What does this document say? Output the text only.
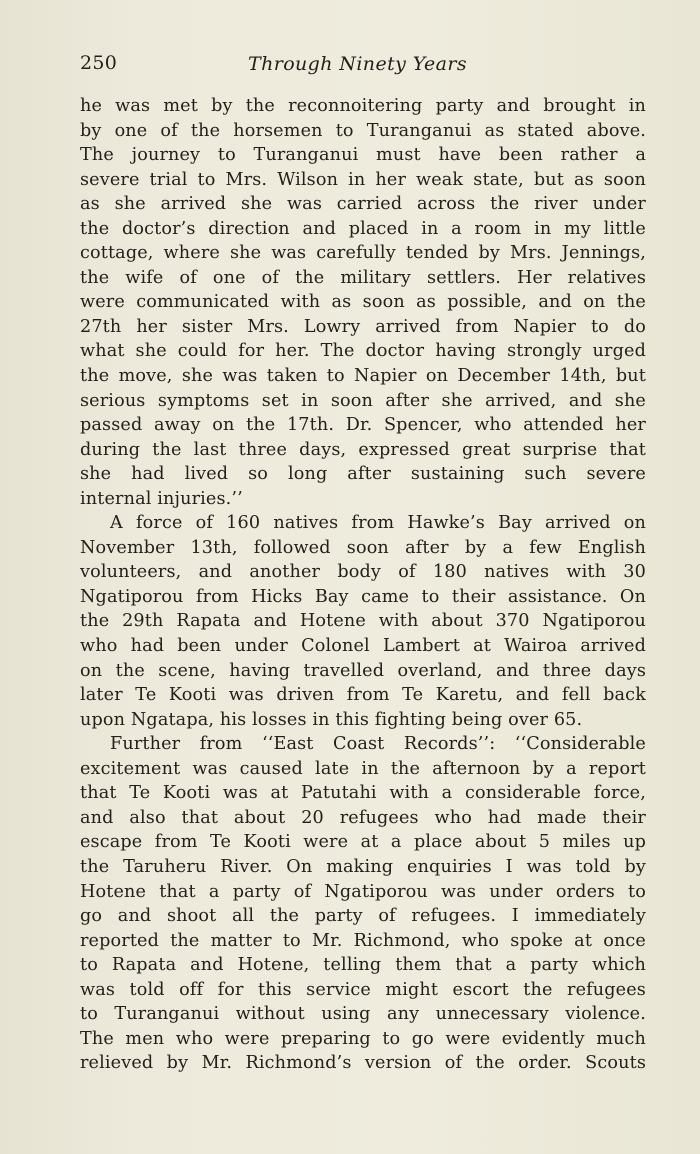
250	Through Ninety Years
he was met by the reconnoitering party and brought in
by one of the horsemen to Turanganui as stated above.
The journey to Turanganui must have been rather a
severe trial to Mrs. Wilson in her weak state, but as soon
as she arrived she was carried across the river under
the doctor’s direction and placed in a room in my little
cottage, where she was carefully tended by Mrs. Jennings,
the wife of one of the military settlers. Her relatives
were communicated with as soon as possible, and on the
27th her sister Mrs. Lowry arrived from Napier to do
what she could for her. The doctor having strongly urged
the move, she was taken to Napier on December 14th, but
serious symptoms set in soon after she arrived, and she
passed away on the 17th. Dr. Spencer, who attended her
during the last three days, expressed great surprise that
she had lived so long after sustaining such severe
internal injuries.’’
A force of 160 natives from Hawke’s Bay arrived on
November 13th, followed soon after by a few English
volunteers, and another body of 180 natives with 30
Ngatiporou from Hicks Bay came to their assistance. On
the 29th Rapata and Hotene with about 370 Ngatiporou
who had been under Colonel Lambert at Wairoa arrived
on the scene, having travelled overland, and three days
later Te Kooti was driven from Te Karetu, and fell back
upon Ngatapa, his losses in this fighting being over 65.
Further from ‘‘East Coast Records’’: ‘‘Considerable
excitement was caused late in the afternoon by a report
that Te Kooti was at Patutahi with a considerable force,
and also that about 20 refugees who had made their
escape from Te Kooti were at a place about 5 miles up
the Taruheru River. On making enquiries I was told by
Hotene that a party of Ngatiporou was under orders to
go and shoot all the party of refugees. I immediately
reported the matter to Mr. Richmond, who spoke at once
to Rapata and Hotene, telling them that a party which
was told off for this service might escort the refugees
to Turanganui without using any unnecessary violence.
The men who were preparing to go were evidently much
relieved by Mr. Richmond’s version of the order. Scouts
